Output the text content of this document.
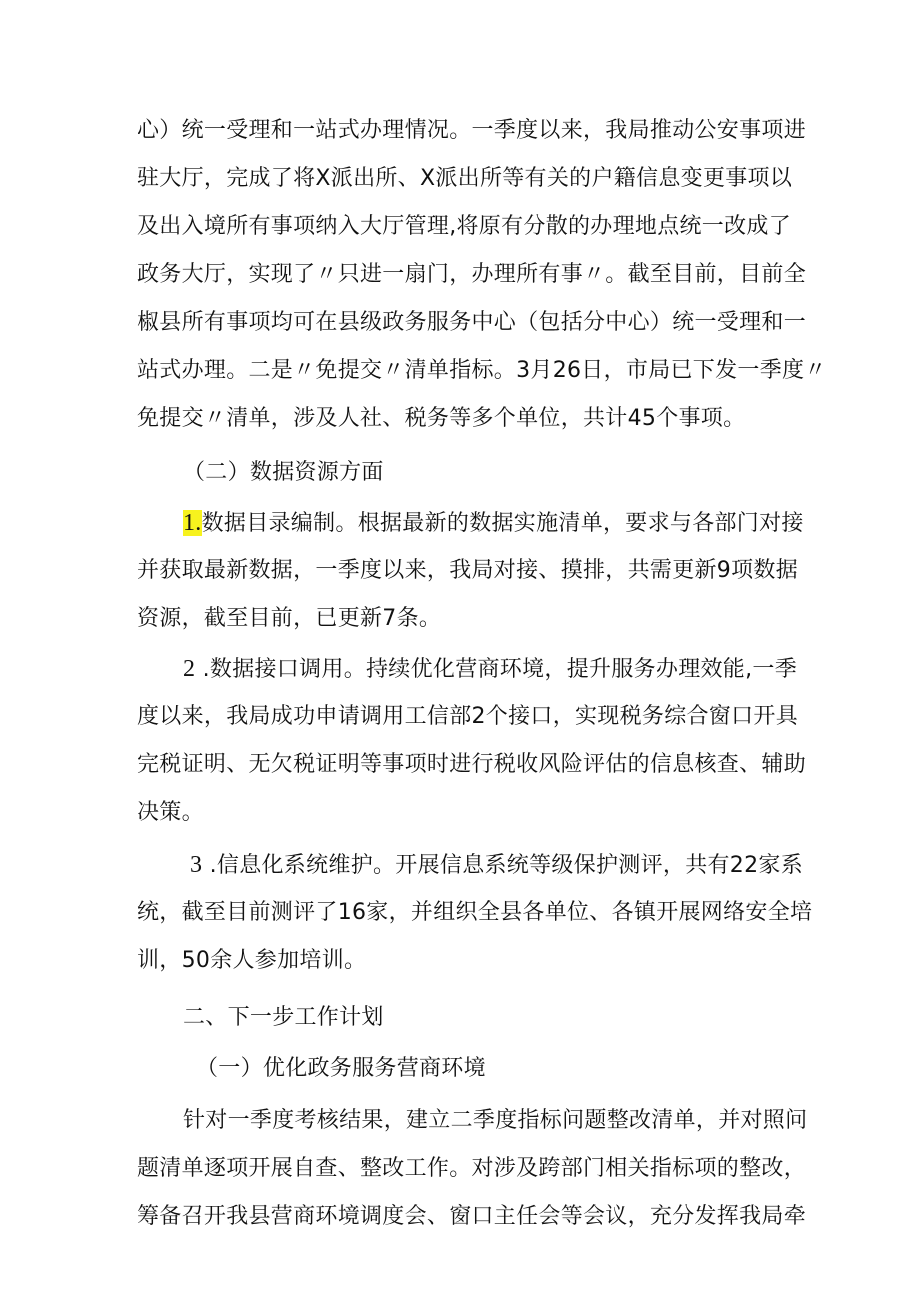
心）统一受理和一站式办理情况。一季度以来，我局推动公安事项进
驻大厅，完成了将X派出所、X派出所等有关的户籍信息变更事项以
及出入境所有事项纳入大厅管理,将原有分散的办理地点统一改成了
政务大厅，实现了〃只进一扇门，办理所有事〃。截至目前，目前全
椒县所有事项均可在县级政务服务中心（包括分中心）统一受理和一
站式办理。二是〃免提交〃清单指标。3月26日，市局已下发一季度〃
免提交〃清单，涉及人社、税务等多个单位，共计45个事项。
（二）数据资源方面
1.数据目录编制。根据最新的数据实施清单，要求与各部门对接
并获取最新数据，一季度以来，我局对接、摸排，共需更新9项数据
资源，截至目前，已更新7条。
2 .数据接口调用。持续优化营商环境，提升服务办理效能,一季
度以来，我局成功申请调用工信部2个接口，实现税务综合窗口开具
完税证明、无欠税证明等事项时进行税收风险评估的信息核查、辅助
决策。
3 .信息化系统维护。开展信息系统等级保护测评，共有22家系
统，截至目前测评了16家，并组织全县各单位、各镇开展网络安全培
训，50余人参加培训。
二、下一步工作计划
（一）优化政务服务营商环境
针对一季度考核结果，建立二季度指标问题整改清单，并对照问
题清单逐项开展自查、整改工作。对涉及跨部门相关指标项的整改，
筹备召开我县营商环境调度会、窗口主任会等会议，充分发挥我局牵
